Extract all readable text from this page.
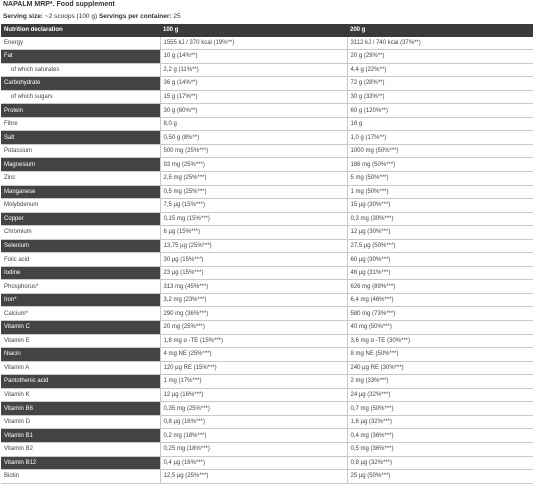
NAPALM MRP*. Food supplement
Serving size: ~2 scoops (100 g) Servings per container: 25
Nutrition declaration	100 g	200 g
Energy	1555 kJ / 370 kcal (19%**)	3112 kJ / 740 kcal (37%**)
Fat	10 g (14%**)	20 g (29%**)
of which saturates	2,2 g (11%**)	4,4 g (22%**)
Carbohydrate	36 g (14%**)	72 g (28%**)
of which sugars	15 g (17%**)	30 g (33%**)
Protein	30 g (60%**)	60 g (120%**)
Fibre	8,0 g	16 g
Salt	0,50 g (8%**)	1,0 g (17%**)
Potassium	500 mg (25%***)	1000 mg (50%***)
Magnesium	93 mg (25%***)	186 mg (50%***)
Zinc	2,5 mg (25%***)	5 mg (50%***)
Manganese	0,5 mg (25%***)	1 mg (50%***)
Molybdenum	7,5 µg (15%***)	15 µg (30%***)
Copper	0,15 mg (15%***)	0,3 mg (30%***)
Chromium	6 µg (15%***)	12 µg (30%***)
Selenium	13,75 µg (25%***)	27,5 µg (50%***)
Folic acid	30 µg (15%***)	60 µg (30%***)
Iodine	23 µg (15%***)	46 µg (31%***)
Phosphorus*	313 mg (45%***)	626 mg (89%***)
Iron*	3,2 mg (23%***)	6,4 mg (46%***)
Calcium*	290 mg (36%***)	580 mg (73%***)
Vitamin C	20 mg (25%***)	40 mg (50%***)
Vitamin E	1,8 mg α -TE (15%***)	3,6 mg α -TE (30%***)
Niacin	4 mg NE (25%***)	8 mg NE (50%***)
Vitamin A	120 µg RE (15%***)	240 µg RE (30%***)
Pantothenic acid	1 mg (17%***)	2 mg (33%***)
Vitamin K	12 µg (16%***)	24 µg (32%***)
Vitamin B6	0,35 mg (25%***)	0,7 mg (50%***)
Vitamin D	0,8 µg (16%***)	1,6 µg (32%***)
Vitamin B1	0,2 mg (18%***)	0,4 mg (36%***)
Vitamin B2	0,25 mg (18%***)	0,5 mg (36%***)
Vitamin B12	0,4 µg (16%***)	0,8 µg (32%***)
Biotin	12,5 µg (25%***)	25 µg (50%***)
